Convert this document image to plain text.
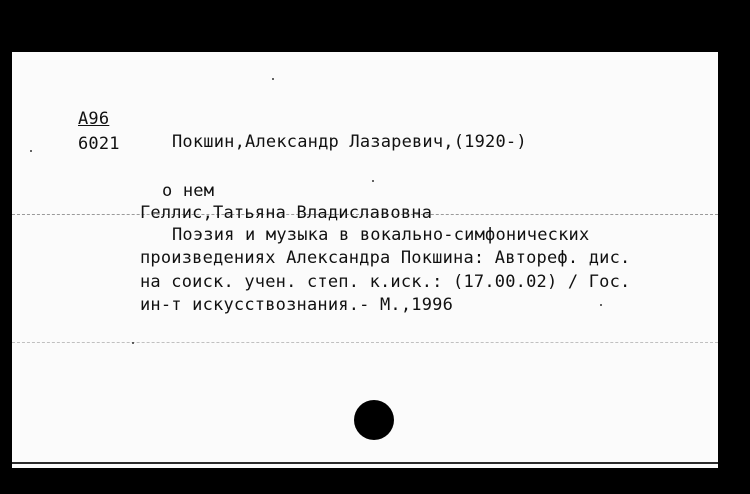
A96
6021	Покшин,Александр Лазаревич,(1920-)
о нем
Геллис,Татьяна Владиславовна
Поэзия и музыка в вокально-симфонических
произведениях Александра Покшина: Автореф. дис.
на соиск. учен. степ. к.иск.: (17.00.02) / Гос.
ин-т искусствознания.- М.,1996
